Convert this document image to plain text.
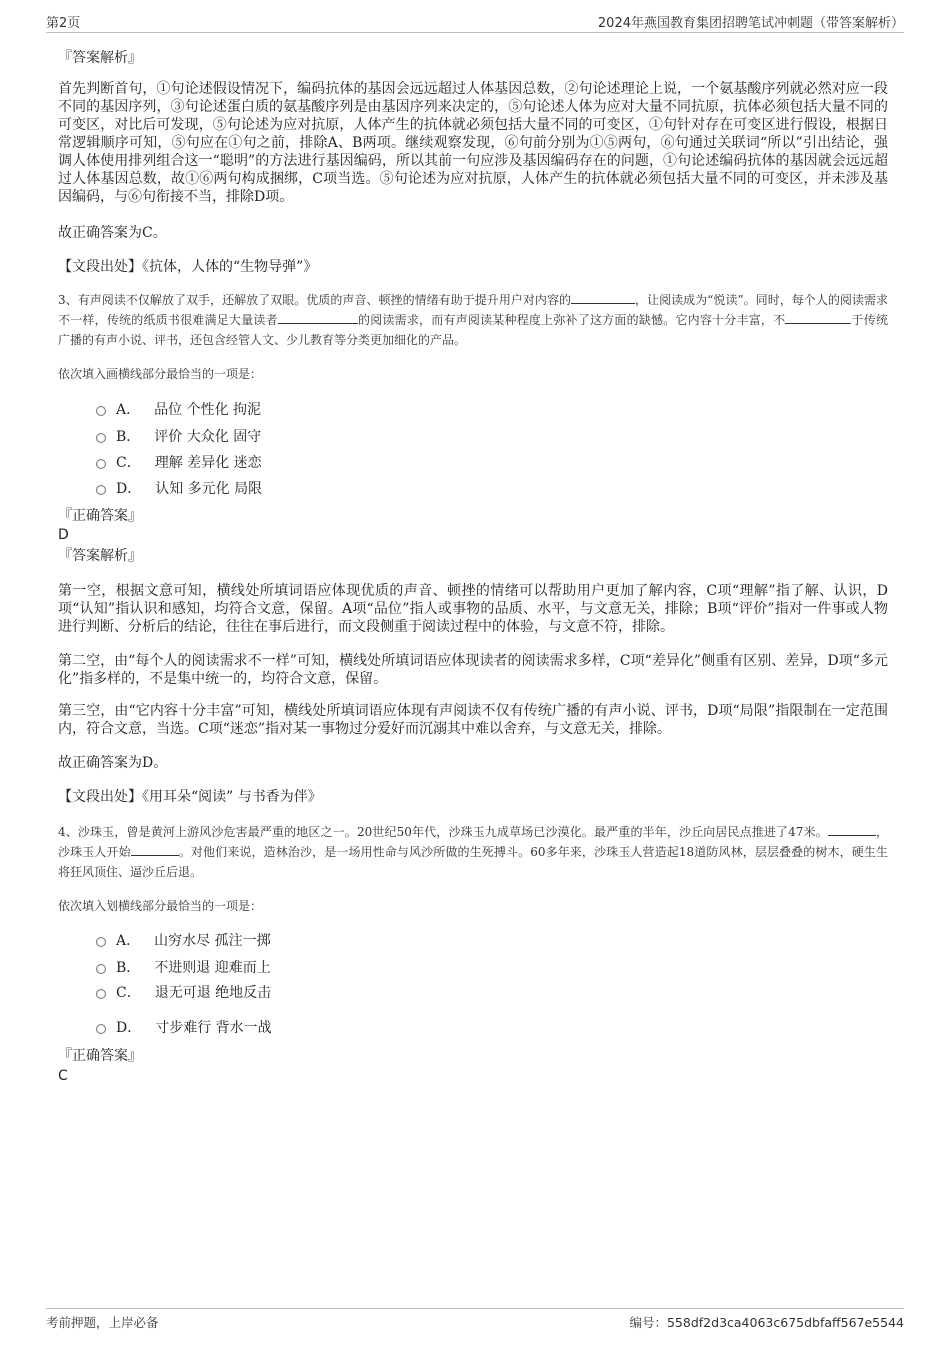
第2页	2024年燕国教育集团招聘笔试冲刺题（带答案解析）
『答案解析』
首先判断首句，①句论述假设情况下，编码抗体的基因会远远超过人体基因总数，②句论述理论上说，一个氨基酸序列就必然对应一段不同的基因序列，③句论述蛋白质的氨基酸序列是由基因序列来决定的，⑤句论述人体为应对大量不同抗原，抗体必须包括大量不同的可变区，对比后可发现，⑤句论述为应对抗原，人体产生的抗体就必须包括大量不同的可变区，①句针对存在可变区进行假设，根据日常逻辑顺序可知，⑤句应在①句之前，排除A、B两项。继续观察发现，⑥句前分别为①⑤两句，⑥句通过关联词“所以”引出结论，强调人体使用排列组合这一“聪明”的方法进行基因编码，所以其前一句应涉及基因编码存在的问题，①句论述编码抗体的基因就会远远超过人体基因总数，故①⑥两句构成捆绑，C项当选。⑤句论述为应对抗原，人体产生的抗体就必须包括大量不同的可变区，并未涉及基因编码，与⑥句衔接不当，排除D项。
故正确答案为C。
【文段出处】《抗体，人体的“生物导弹”》
3、有声阅读不仅解放了双手，还解放了双眼。优质的声音、顿挫的情绪有助于提升用户对内容的	，让阅读成为“悦读”。同时，每个人的阅读需求不一样，传统的纸质书很难满足大量读者	的阅读需求，而有声阅读某种程度上弥补了这方面的缺憾。它内容十分丰富，不	于传统广播的有声小说、评书，还包含经管人文、少儿教育等分类更加细化的产品。
依次填入画横线部分最恰当的一项是：
A． 品位 个性化 拘泥
B． 评价 大众化 固守
C． 理解 差异化 迷恋
D． 认知 多元化 局限
『正确答案』
D
『答案解析』
第一空，根据文意可知，横线处所填词语应体现优质的声音、顿挫的情绪可以帮助用户更加了解内容，C项“理解”指了解、认识，D项“认知”指认识和感知，均符合文意，保留。A项“品位”指人或事物的品质、水平，与文意无关，排除；B项“评价”指对一件事或人物进行判断、分析后的结论，往往在事后进行，而文段侧重于阅读过程中的体验，与文意不符，排除。
第二空，由“每个人的阅读需求不一样”可知，横线处所填词语应体现读者的阅读需求多样，C项“差异化”侧重有区别、差异，D项“多元化”指多样的，不是集中统一的，均符合文意，保留。
第三空，由“它内容十分丰富”可知，横线处所填词语应体现有声阅读不仅有传统广播的有声小说、评书，D项“局限”指限制在一定范围内，符合文意，当选。C项“迷恋”指对某一事物过分爱好而沉溺其中难以舍弃，与文意无关，排除。
故正确答案为D。
【文段出处】《用耳朵“阅读” 与书香为伴》
4、沙珠玉，曾是黄河上游风沙危害最严重的地区之一。20世纪50年代，沙珠玉九成草场已沙漠化。最严重的半年，沙丘向居民点推进了47米。	，沙珠玉人开始	。对他们来说，造林治沙，是一场用性命与风沙所做的生死搏斗。60多年来，沙珠玉人营造起18道防风林，层层叠叠的树木，硬生生将狂风顶住、逼沙丘后退。
依次填入划横线部分最恰当的一项是：
A． 山穷水尽 孤注一掷
B． 不进则退 迎难而上
C． 退无可退 绝地反击
D． 寸步难行 背水一战
『正确答案』
C
考前押题，上岸必备	编号：558df2d3ca4063c675dbfaff567e5544
